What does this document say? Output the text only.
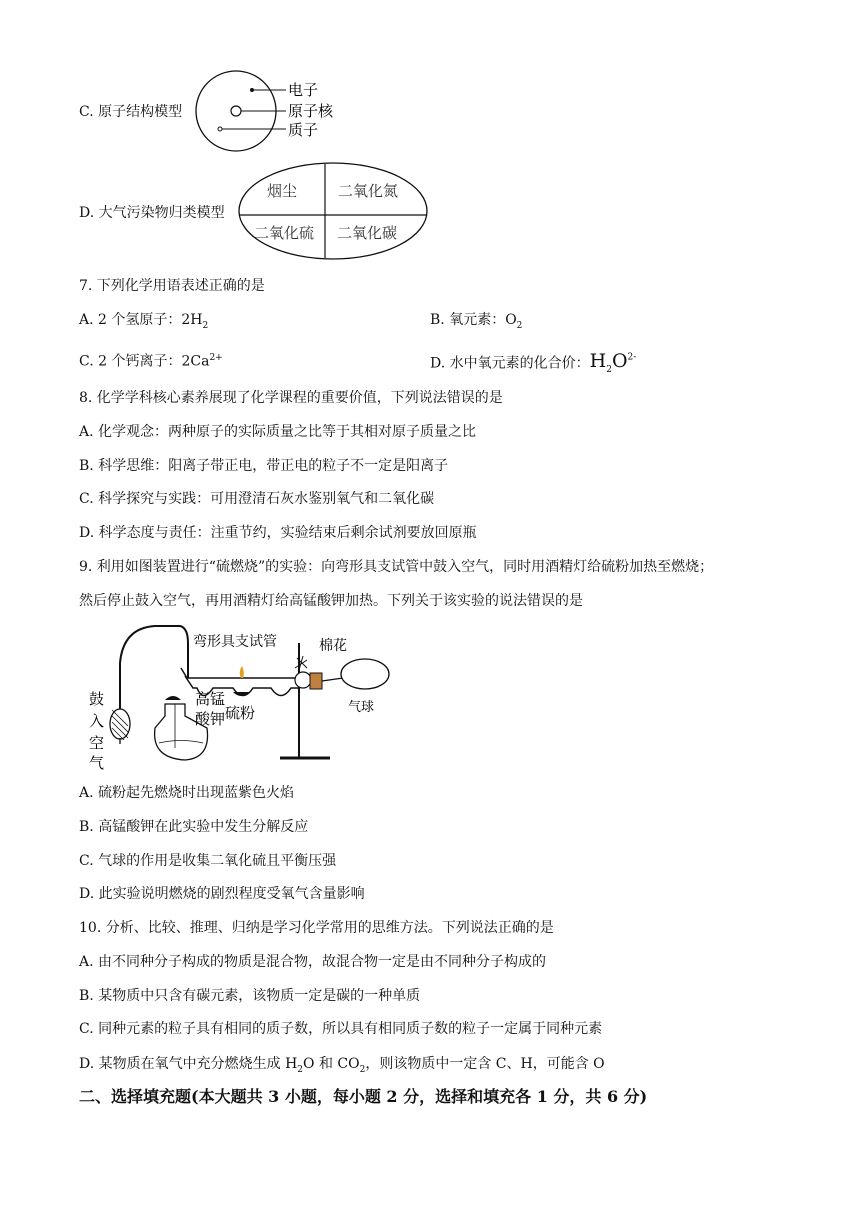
C. 原子结构模型
电子
原子核
质子
D. 大气污染物归类模型
烟尘	二氧化氮
二氧化硫 二氧化碳
7. 下列化学用语表述正确的是
A. 2 个氢原子：$2H_2$	B. 氧元素：$O_2$
C. 2 个钙离子：$2Ca^{2+}$	D. 水中氧元素的化合价：$H_2O^{2-}$
8. 化学学科核心素养展现了化学课程的重要价值，下列说法错误的是
A. 化学观念：两种原子的实际质量之比等于其相对原子质量之比
B. 科学思维：阳离子带正电，带正电的粒子不一定是阳离子
C. 科学探究与实践：可用澄清石灰水鉴别氧气和二氧化碳
D. 科学态度与责任：注重节约，实验结束后剩余试剂要放回原瓶
9. 利用如图装置进行“硫燃烧”的实验：向弯形具支试管中鼓入空气，同时用酒精灯给硫粉加热至燃烧；
然后停止鼓入空气，再用酒精灯给高锰酸钾加热。下列关于该实验的说法错误的是
弯形具支试管	棉花
高锰
酸钾 硫粉	气球
鼓
入
空
气
A. 硫粉起先燃烧时出现蓝紫色火焰
B. 高锰酸钾在此实验中发生分解反应
C. 气球的作用是收集二氧化硫且平衡压强
D. 此实验说明燃烧的剧烈程度受氧气含量影响
10. 分析、比较、推理、归纳是学习化学常用的思维方法。下列说法正确的是
A. 由不同种分子构成的物质是混合物，故混合物一定是由不同种分子构成的
B. 某物质中只含有碳元素，该物质一定是碳的一种单质
C. 同种元素的粒子具有相同的质子数，所以具有相同质子数的粒子一定属于同种元素
D. 某物质在氧气中充分燃烧生成 $H_2O$ 和 $CO_2$，则该物质中一定含 C、H，可能含 O
二、选择填充题(本大题共 3 小题，每小题 2 分，选择和填充各 1 分，共 6 分)
